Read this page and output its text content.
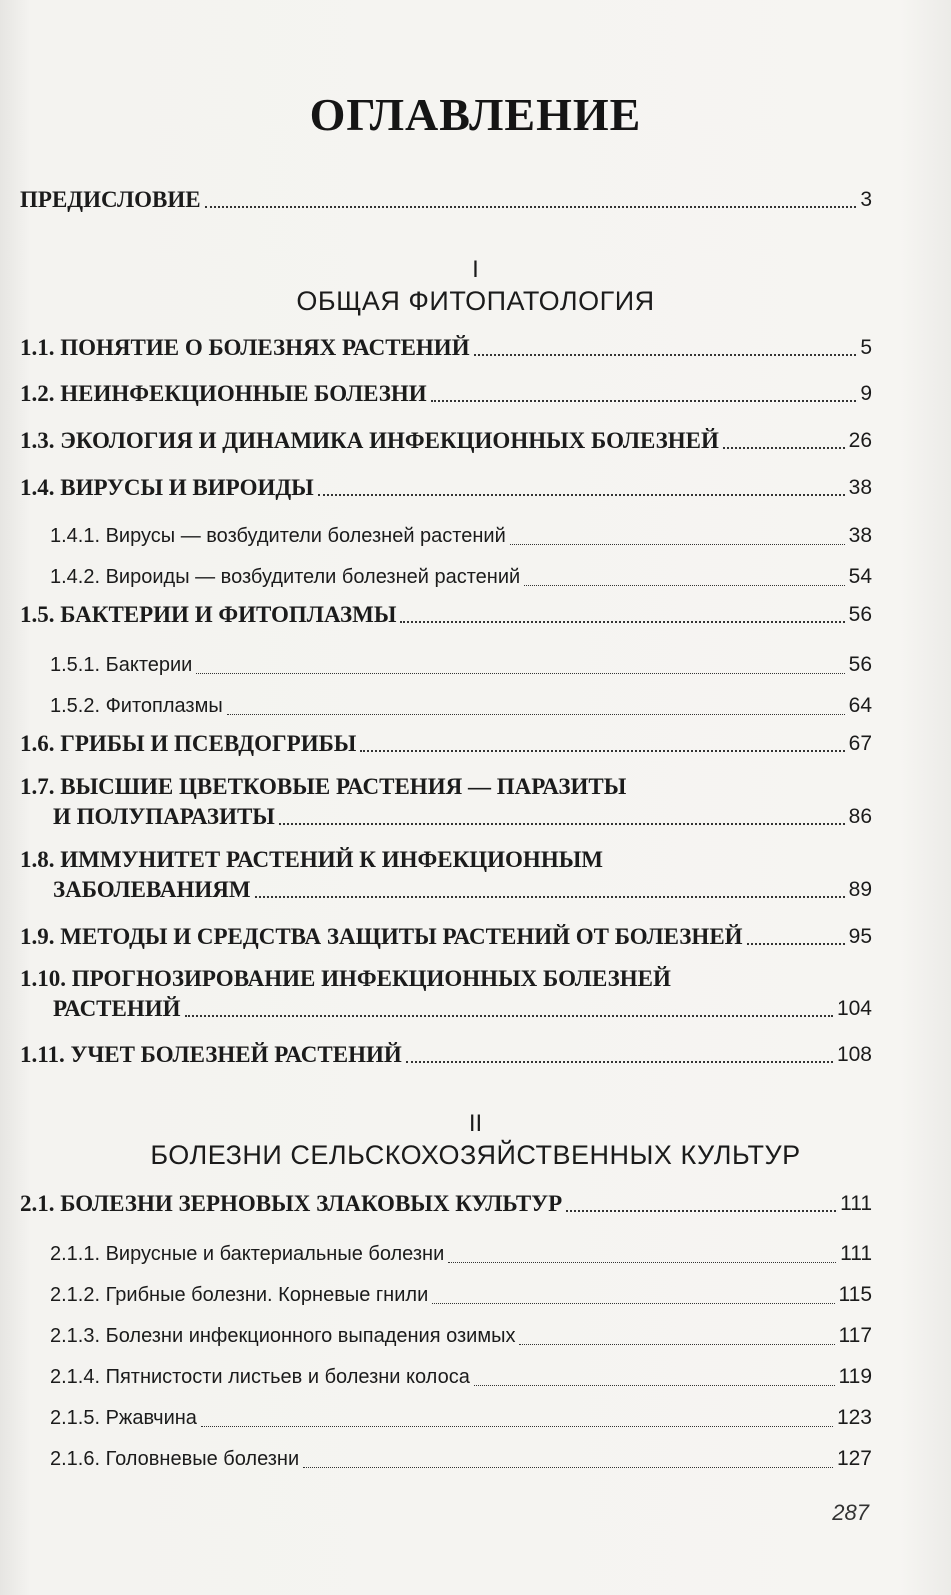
ОГЛАВЛЕНИЕ
ПРЕДИСЛОВИЕ	3
I
ОБЩАЯ ФИТОПАТОЛОГИЯ
1.1. ПОНЯТИЕ О БОЛЕЗНЯХ РАСТЕНИЙ	5
1.2. НЕИНФЕКЦИОННЫЕ БОЛЕЗНИ	9
1.3. ЭКОЛОГИЯ И ДИНАМИКА ИНФЕКЦИОННЫХ БОЛЕЗНЕЙ	26
1.4. ВИРУСЫ И ВИРОИДЫ	38
1.4.1. Вирусы — возбудители болезней растений	38
1.4.2. Вироиды — возбудители болезней растений	54
1.5. БАКТЕРИИ И ФИТОПЛАЗМЫ	56
1.5.1. Бактерии	56
1.5.2. Фитоплазмы	64
1.6. ГРИБЫ И ПСЕВДОГРИБЫ	67
1.7. ВЫСШИЕ ЦВЕТКОВЫЕ РАСТЕНИЯ — ПАРАЗИТЫ
И ПОЛУПАРАЗИТЫ	86
1.8. ИММУНИТЕТ РАСТЕНИЙ К ИНФЕКЦИОННЫМ
ЗАБОЛЕВАНИЯМ	89
1.9. МЕТОДЫ И СРЕДСТВА ЗАЩИТЫ РАСТЕНИЙ ОТ БОЛЕЗНЕЙ	95
1.10. ПРОГНОЗИРОВАНИЕ ИНФЕКЦИОННЫХ БОЛЕЗНЕЙ
РАСТЕНИЙ	104
1.11. УЧЕТ БОЛЕЗНЕЙ РАСТЕНИЙ	108
II
БОЛЕЗНИ СЕЛЬСКОХОЗЯЙСТВЕННЫХ КУЛЬТУР
2.1. БОЛЕЗНИ ЗЕРНОВЫХ ЗЛАКОВЫХ КУЛЬТУР	111
2.1.1. Вирусные и бактериальные болезни	111
2.1.2. Грибные болезни. Корневые гнили	115
2.1.3. Болезни инфекционного выпадения озимых	117
2.1.4. Пятнистости листьев и болезни колоса	119
2.1.5. Ржавчина	123
2.1.6. Головневые болезни	127
287
